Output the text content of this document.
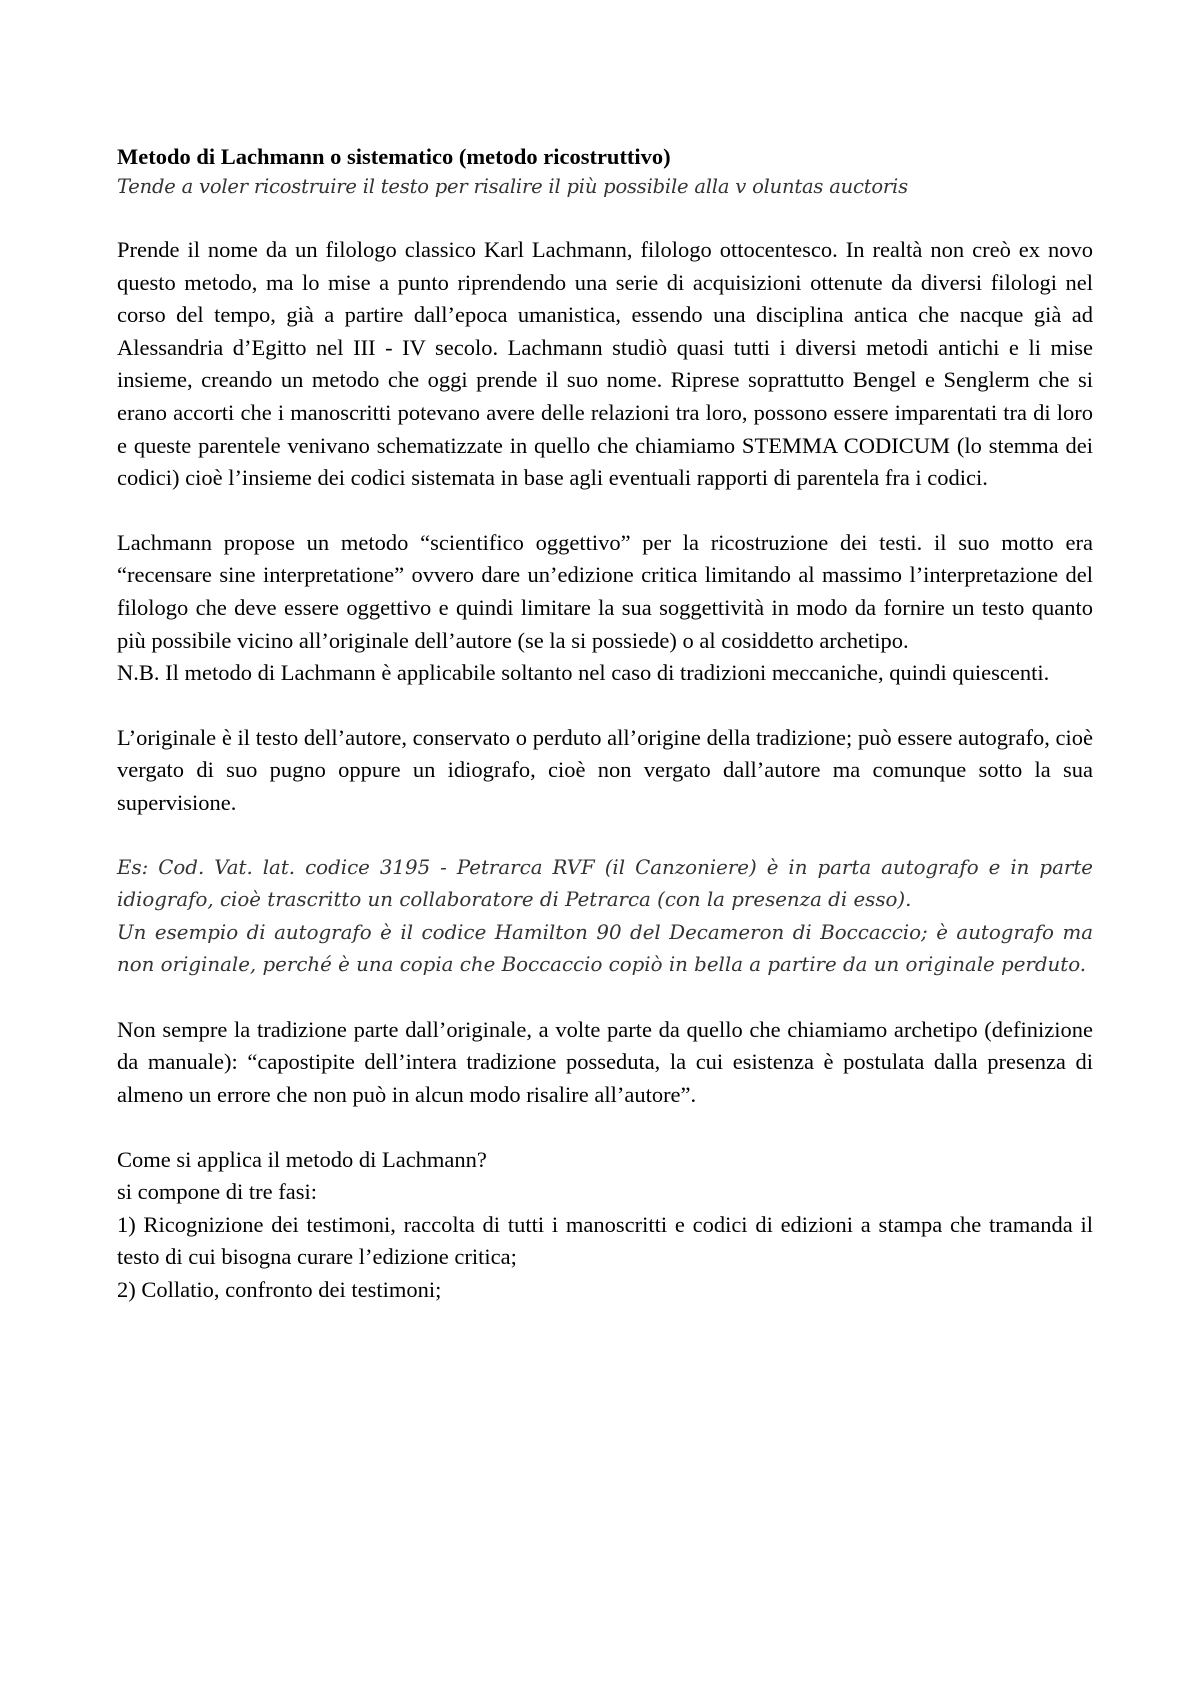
Metodo di Lachmann o sistematico (metodo ricostruttivo)

Tende a voler ricostruire il testo per risalire il più possibile alla v oluntas auctoris

Prende il nome da un filologo classico Karl Lachmann, filologo ottocentesco. In realtà non creò ex novo questo metodo, ma lo mise a punto riprendendo una serie di acquisizioni ottenute da diversi filologi nel corso del tempo, già a partire dall’epoca umanistica, essendo una disciplina antica che nacque già ad Alessandria d’Egitto nel III - IV secolo. Lachmann studiò quasi tutti i diversi metodi antichi e li mise insieme, creando un metodo che oggi prende il suo nome. Riprese soprattutto Bengel e Senglerm che si erano accorti che i manoscritti potevano avere delle relazioni tra loro, possono essere imparentati tra di loro e queste parentele venivano schematizzate in quello che chiamiamo STEMMA CODICUM (lo stemma dei codici) cioè l’insieme dei codici sistemata in base agli eventuali rapporti di parentela fra i codici.

Lachmann propose un metodo “scientifico oggettivo” per la ricostruzione dei testi. il suo motto era “recensare sine interpretatione” ovvero dare un’edizione critica limitando al massimo l’interpretazione del filologo che deve essere oggettivo e quindi limitare la sua soggettività in modo da fornire un testo quanto più possibile vicino all’originale dell’autore (se la si possiede) o al cosiddetto archetipo.

N.B. Il metodo di Lachmann è applicabile soltanto nel caso di tradizioni meccaniche, quindi quiescenti.

L’originale è il testo dell’autore, conservato o perduto all’origine della tradizione; può essere autografo, cioè vergato di suo pugno oppure un idiografo, cioè non vergato dall’autore ma comunque sotto la sua supervisione.

Es: Cod. Vat. lat. codice 3195 - Petrarca RVF (il Canzoniere) è in parta autografo e in parte idiografo, cioè trascritto un collaboratore di Petrarca (con la presenza di esso).

Un esempio di autografo è il codice Hamilton 90 del Decameron di Boccaccio; è autografo ma non originale, perché è una copia che Boccaccio copiò in bella a partire da un originale perduto.

Non sempre la tradizione parte dall’originale, a volte parte da quello che chiamiamo archetipo (definizione da manuale): “capostipite dell’intera tradizione posseduta, la cui esistenza è postulata dalla presenza di almeno un errore che non può in alcun modo risalire all’autore”.

Come si applica il metodo di Lachmann?

si compone di tre fasi:

1) Ricognizione dei testimoni, raccolta di tutti i manoscritti e codici di edizioni a stampa che tramanda il testo di cui bisogna curare l’edizione critica;

2) Collatio, confronto dei testimoni;
